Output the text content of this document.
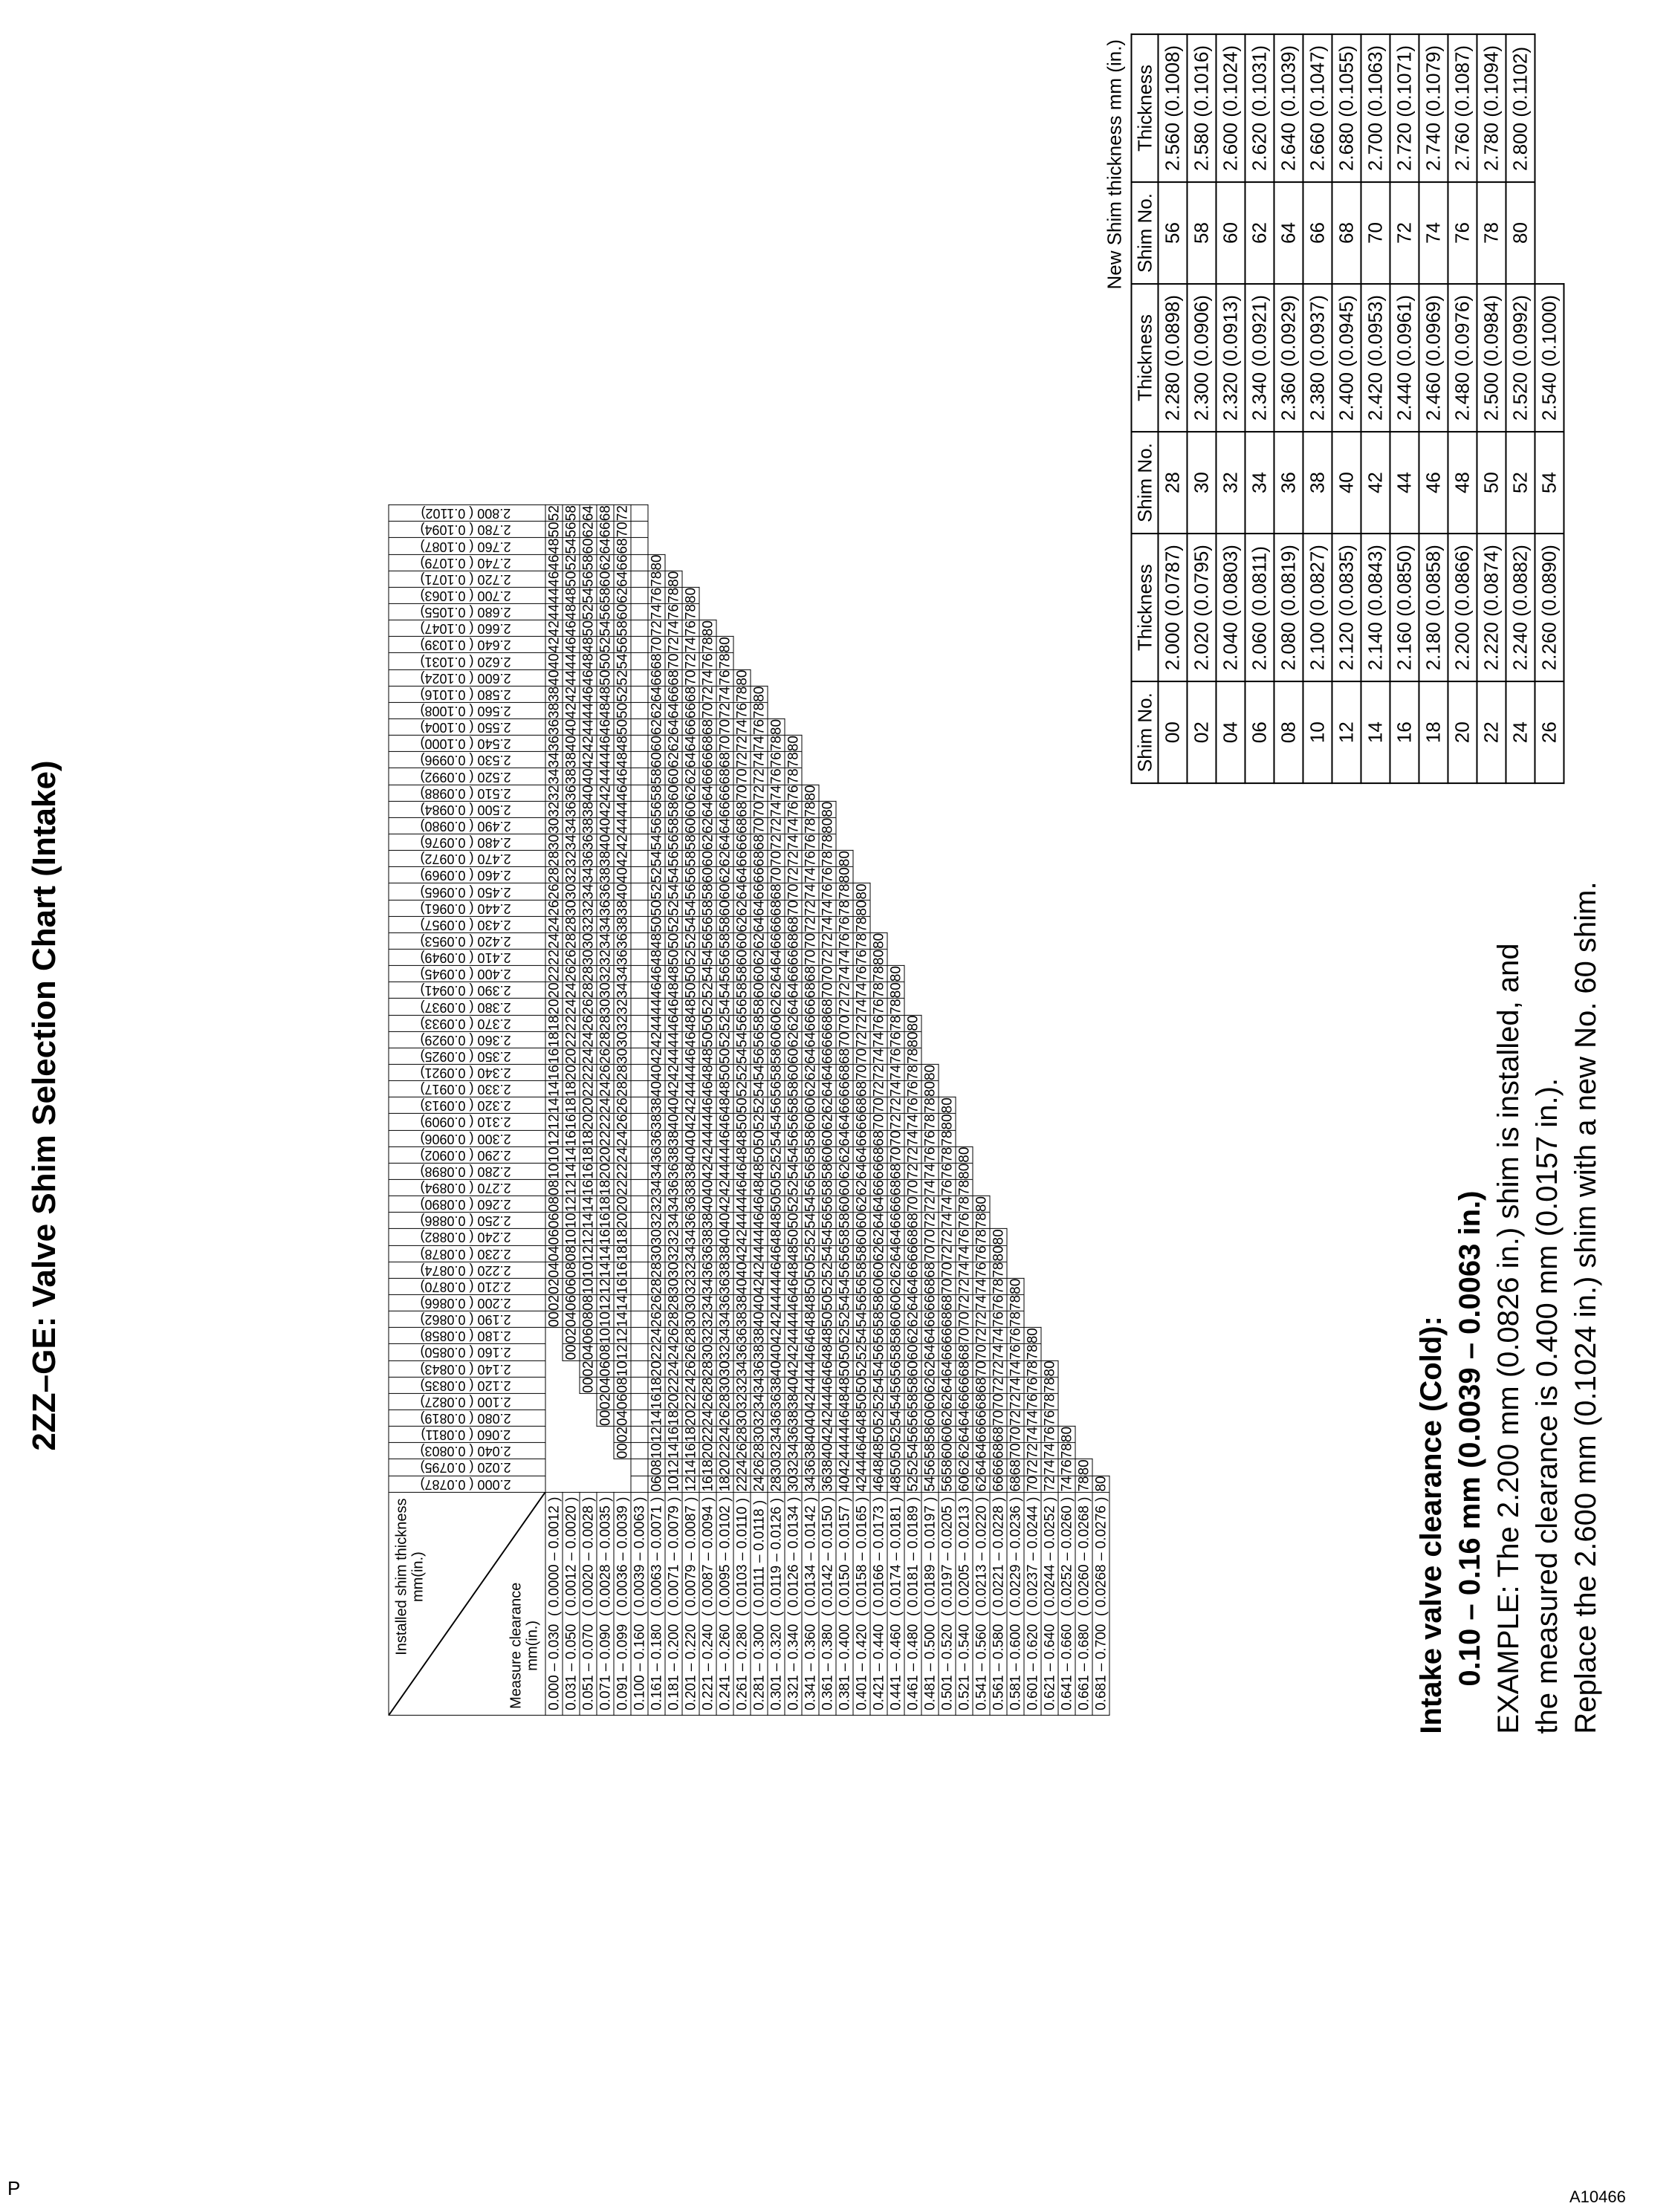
2ZZ–GE: Valve Shim Selection Chart (Intake)
P	A10466
Installed shim thickness mm(in.)
Measure clearance mm(in.)	2.000 ( 0.0787)	2.020 ( 0.0795)	2.040 ( 0.0803)	2.060 ( 0.0811)	2.080 ( 0.0819)	2.100 ( 0.0827)	2.120 ( 0.0835)	2.140 ( 0.0843)	2.160 ( 0.0850)	2.180 ( 0.0858)	2.190 ( 0.0862)	2.200 ( 0.0866)	2.210 ( 0.0870)	2.220 ( 0.0874)	2.230 ( 0.0878)	2.240 ( 0.0882)	2.250 ( 0.0886)	2.260 ( 0.0890)	2.270 ( 0.0894)	2.280 ( 0.0898)	2.290 ( 0.0902)	2.300 ( 0.0906)	2.310 ( 0.0909)	2.320 ( 0.0913)	2.330 ( 0.0917)	2.340 ( 0.0921)	2.350 ( 0.0925)	2.360 ( 0.0929)	2.370 ( 0.0933)	2.380 ( 0.0937)	2.390 ( 0.0941)	2.400 ( 0.0945)	2.410 ( 0.0949)	2.420 ( 0.0953)	2.430 ( 0.0957)	2.440 ( 0.0961)	2.450 ( 0.0965)	2.460 ( 0.0969)	2.470 ( 0.0972)	2.480 ( 0.0976)	2.490 ( 0.0980)	2.500 ( 0.0984)	2.510 ( 0.0988)	2.520 ( 0.0992)	2.530 ( 0.0996)	2.540 ( 0.1000)	2.550 ( 0.1004)	2.560 ( 0.1008)	2.580 ( 0.1016)	2.600 ( 0.1024)	2.620 ( 0.1031)	2.640 ( 0.1039)	2.660 ( 0.1047)	2.680 ( 0.1055)	2.700 ( 0.1063)	2.720 ( 0.1071)	2.740 ( 0.1079)	2.760 ( 0.1087)	2.780 ( 0.1094)	2.800 ( 0.1102)
0.000 – 0.030  ( 0.0000 – 0.0012 )											00	02	02	04	04	06	06	08	08	10	10	12	12	14	14	16	16	18	18	20	20	22	22	24	24	26	26	28	28	30	30	32	32	34	34	36	36	38	38	40	40	42	42	44	44	46	46	48	50	52
0.031 – 0.050  ( 0.0012 – 0.0020 )									00	02	04	06	06	08	08	10	10	12	12	14	14	16	16	18	18	20	20	22	22	24	24	26	26	28	28	30	30	32	32	34	34	36	36	38	38	40	40	42	42	44	44	46	46	48	48	50	52	54	56	58
0.051 – 0.070  ( 0.0020 – 0.0028 )							00	02	04	06	08	08	10	10	12	12	14	14	16	16	18	18	20	20	22	22	24	24	26	26	28	28	30	30	32	32	34	34	36	36	38	38	40	40	42	42	44	44	46	46	48	48	50	52	54	56	58	60	62	64
0.071 – 0.090  ( 0.0028 – 0.0035 )					00	02	04	06	08	10	10	12	12	14	14	16	16	18	18	20	20	22	22	24	24	26	26	28	28	30	30	32	32	34	34	36	36	38	38	40	40	42	42	44	44	46	46	48	48	50	50	52	54	56	58	60	62	64	66	68
0.091 – 0.099  ( 0.0036 – 0.0039 )			00	02	04	06	08	10	12	12	14	14	16	16	18	18	20	20	22	22	24	24	26	26	28	28	30	30	32	32	34	34	36	36	38	38	40	40	42	42	44	44	46	46	48	48	50	50	52	52	54	56	58	60	62	64	66	68	70	72
0.100 – 0.160  ( 0.0039 – 0.0063 )																																																												
0.161 – 0.180  ( 0.0063 – 0.0071 )	06	08	10	12	14	16	18	20	22	24	26	26	28	28	30	30	32	32	34	34	36	36	38	38	40	40	42	42	44	44	46	46	48	48	50	50	52	52	54	54	56	56	58	58	60	60	62	62	64	66	68	70	72	74	76	78	80			
0.181 – 0.200  ( 0.0071 – 0.0079 )	10	12	14	16	18	20	22	24	24	26	28	28	30	30	32	32	34	34	36	36	38	38	40	40	42	42	44	44	46	46	48	48	50	50	52	52	54	54	56	56	58	58	60	60	62	62	64	64	66	68	70	72	74	76	78	80				
0.201 – 0.220  ( 0.0079 – 0.0087 )	12	14	16	18	20	22	24	26	26	28	30	30	32	32	34	34	36	36	38	38	40	40	42	42	44	44	46	46	48	48	50	50	52	52	54	54	56	56	58	58	60	60	62	62	64	64	66	66	68	70	72	74	76	78	80					
0.221 – 0.240  ( 0.0087 – 0.0094 )	16	18	20	22	24	26	28	28	30	32	32	34	34	36	36	38	38	40	40	42	42	44	44	46	46	48	48	50	50	52	52	54	54	56	56	58	58	60	60	62	62	64	64	66	66	68	68	70	72	74	76	78	80							
0.241 – 0.260  ( 0.0095 – 0.0102 )	18	20	22	24	26	28	30	30	32	34	34	36	36	38	38	40	40	42	42	44	44	46	46	48	48	50	50	52	52	54	54	56	56	58	58	60	60	62	62	64	64	66	66	68	68	70	70	72	74	76	78	80								
0.261 – 0.280  ( 0.0103 – 0.0110 )	22	24	26	28	30	32	32	34	36	36	38	38	40	40	42	42	44	44	46	46	48	48	50	50	52	52	54	54	56	56	58	58	60	60	62	62	64	64	66	66	68	68	70	70	72	72	74	76	78	80										
0.281 – 0.300  ( 0.0111 – 0.0118 )	24	26	28	30	32	34	34	36	38	38	40	40	42	42	44	44	46	46	48	48	50	50	52	52	54	54	56	56	58	58	60	60	62	62	64	64	66	66	68	68	70	70	72	72	74	74	76	78	80											
0.301 – 0.320  ( 0.0119 – 0.0126 )	28	30	32	34	36	36	38	40	40	42	42	44	44	46	46	48	48	50	50	52	52	54	54	56	56	58	58	60	60	62	62	64	64	66	66	68	68	70	70	72	72	74	74	76	76	78	80													
0.321 – 0.340  ( 0.0126 – 0.0134 )	30	32	34	36	38	38	40	42	42	44	44	46	46	48	48	50	50	52	52	54	54	56	56	58	58	60	60	62	62	64	64	66	66	68	68	70	70	72	72	74	74	76	76	78	78	80														
0.341 – 0.360  ( 0.0134 – 0.0142 )	34	36	38	40	40	42	44	44	46	46	48	48	50	50	52	52	54	54	56	56	58	58	60	60	62	62	64	64	66	66	68	68	70	70	72	72	74	74	76	76	78	78	80																	
0.361 – 0.380  ( 0.0142 – 0.0150 )	36	38	40	42	42	44	46	46	48	48	50	50	52	52	54	54	56	56	58	58	60	60	62	62	64	64	66	66	68	68	70	70	72	72	74	74	76	76	78	78	80	80																		
0.381 – 0.400  ( 0.0150 – 0.0157 )	40	42	44	44	46	48	48	50	50	52	52	54	54	56	56	58	58	60	60	62	62	64	64	66	66	68	68	70	70	72	72	74	74	76	76	78	78	80	80																					
0.401 – 0.420  ( 0.0158 – 0.0165 )	42	44	46	46	48	50	50	52	52	54	54	56	56	58	58	60	60	62	62	64	64	66	66	68	68	70	70	72	72	74	74	76	76	78	78	80	80																							
0.421 – 0.440  ( 0.0166 – 0.0173 )	46	48	48	50	52	52	54	54	56	56	58	58	60	60	62	62	64	64	66	66	68	68	70	70	72	72	74	74	76	76	78	78	80	80																										
0.441 – 0.460  ( 0.0174 – 0.0181 )	48	50	50	52	54	54	56	56	58	58	60	60	62	62	64	64	66	66	68	68	70	70	72	72	74	74	76	76	78	78	80	80																												
0.461 – 0.480  ( 0.0181 – 0.0189 )	52	52	54	56	56	58	58	60	60	62	62	64	64	66	66	68	68	70	70	72	72	74	74	76	76	78	78	80	80																															
0.481 – 0.500  ( 0.0189 – 0.0197 )	54	56	58	58	60	60	62	62	64	64	66	66	68	68	70	70	72	72	74	74	76	76	78	78	80	80																																		
0.501 – 0.520  ( 0.0197 – 0.0205 )	56	58	60	60	62	62	64	64	66	66	68	68	70	70	72	72	74	74	76	76	78	78	80	80																																				
0.521 – 0.540  ( 0.0205 – 0.0213 )	60	62	62	64	64	66	66	68	68	70	70	72	72	74	74	76	76	78	78	80	80																																							
0.541 – 0.560  ( 0.0213 – 0.0220 )	62	64	64	66	66	68	68	70	70	72	72	74	74	76	76	78	78	80																																										
0.561 – 0.580  ( 0.0221 – 0.0228 )	66	66	68	68	70	70	72	72	74	74	76	76	78	78	80	80																																												
0.581 – 0.600  ( 0.0229 – 0.0236 )	68	68	70	70	72	72	74	74	76	76	78	78	80																																															
0.601 – 0.620  ( 0.0237 – 0.0244 )	70	72	72	74	74	76	76	78	78	80																																																		
0.621 – 0.640  ( 0.0244 – 0.0252 )	72	74	74	76	76	78	78	80																																																				
0.641 – 0.660  ( 0.0252 – 0.0260 )	74	76	78	80																																																								
0.661 – 0.680  ( 0.0260 – 0.0268 )	78	80																																																										
0.681 – 0.700  ( 0.0268 – 0.0276 )	80																																																											
New Shim thickness mm (in.)
Shim No.	Thickness	Shim No.	Thickness	Shim No.	Thickness
00	2.000 (0.0787)	28	2.280 (0.0898)	56	2.560 (0.1008)
02	2.020 (0.0795)	30	2.300 (0.0906)	58	2.580 (0.1016)
04	2.040 (0.0803)	32	2.320 (0.0913)	60	2.600 (0.1024)
06	2.060 (0.0811)	34	2.340 (0.0921)	62	2.620 (0.1031)
08	2.080 (0.0819)	36	2.360 (0.0929)	64	2.640 (0.1039)
10	2.100 (0.0827)	38	2.380 (0.0937)	66	2.660 (0.1047)
12	2.120 (0.0835)	40	2.400 (0.0945)	68	2.680 (0.1055)
14	2.140 (0.0843)	42	2.420 (0.0953)	70	2.700 (0.1063)
16	2.160 (0.0850)	44	2.440 (0.0961)	72	2.720 (0.1071)
18	2.180 (0.0858)	46	2.460 (0.0969)	74	2.740 (0.1079)
20	2.200 (0.0866)	48	2.480 (0.0976)	76	2.760 (0.1087)
22	2.220 (0.0874)	50	2.500 (0.0984)	78	2.780 (0.1094)
24	2.240 (0.0882)	52	2.520 (0.0992)	80	2.800 (0.1102)
26	2.260 (0.0890)	54	2.540 (0.1000)		
Intake valve clearance (Cold): 0.10 – 0.16 mm (0.0039 – 0.0063 in.) EXAMPLE: The 2.200 mm (0.0826 in.) shim is installed, and the measured clearance is 0.400 mm (0.0157 in.). Replace the 2.600 mm (0.1024 in.) shim with a new No. 60 shim.
